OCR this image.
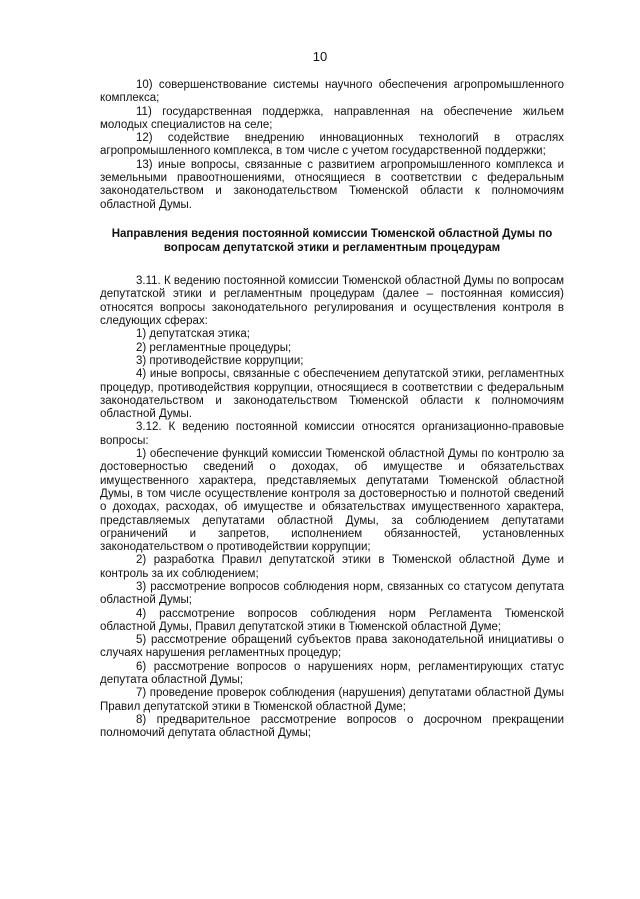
10

10) совершенствование системы научного обеспечения агропромышленного комплекса;

11) государственная поддержка, направленная на обеспечение жильем молодых специалистов на селе;

12) содействие внедрению инновационных технологий в отраслях агропромышленного комплекса, в том числе с учетом государственной поддержки;

13) иные вопросы, связанные с развитием агропромышленного комплекса и земельными правоотношениями, относящиеся в соответствии с федеральным законодательством и законодательством Тюменской области к полномочиям областной Думы.

Направления ведения постоянной комиссии Тюменской областной Думы по вопросам депутатской этики и регламентным процедурам

3.11. К ведению постоянной комиссии Тюменской областной Думы по вопросам депутатской этики и регламентным процедурам (далее – постоянная комиссия) относятся вопросы законодательного регулирования и осуществления контроля в следующих сферах:

1) депутатская этика;

2) регламентные процедуры;

3) противодействие коррупции;

4) иные вопросы, связанные с обеспечением депутатской этики, регламентных процедур, противодействия коррупции, относящиеся в соответствии с федеральным законодательством и законодательством Тюменской области к полномочиям областной Думы.

3.12. К ведению постоянной комиссии относятся организационно-правовые вопросы:

1) обеспечение функций комиссии Тюменской областной Думы по контролю за достоверностью сведений о доходах, об имуществе и обязательствах имущественного характера, представляемых депутатами Тюменской областной Думы, в том числе осуществление контроля за достоверностью и полнотой сведений о доходах, расходах, об имуществе и обязательствах имущественного характера, представляемых депутатами областной Думы, за соблюдением депутатами ограничений и запретов, исполнением обязанностей, установленных законодательством о противодействии коррупции;

2) разработка Правил депутатской этики в Тюменской областной Думе и контроль за их соблюдением;

3) рассмотрение вопросов соблюдения норм, связанных со статусом депутата областной Думы;

4) рассмотрение вопросов соблюдения норм Регламента Тюменской областной Думы, Правил депутатской этики в Тюменской областной Думе;

5) рассмотрение обращений субъектов права законодательной инициативы о случаях нарушения регламентных процедур;

6) рассмотрение вопросов о нарушениях норм, регламентирующих статус депутата областной Думы;

7) проведение проверок соблюдения (нарушения) депутатами областной Думы Правил депутатской этики в Тюменской областной Думе;

8) предварительное рассмотрение вопросов о досрочном прекращении полномочий депутата областной Думы;
